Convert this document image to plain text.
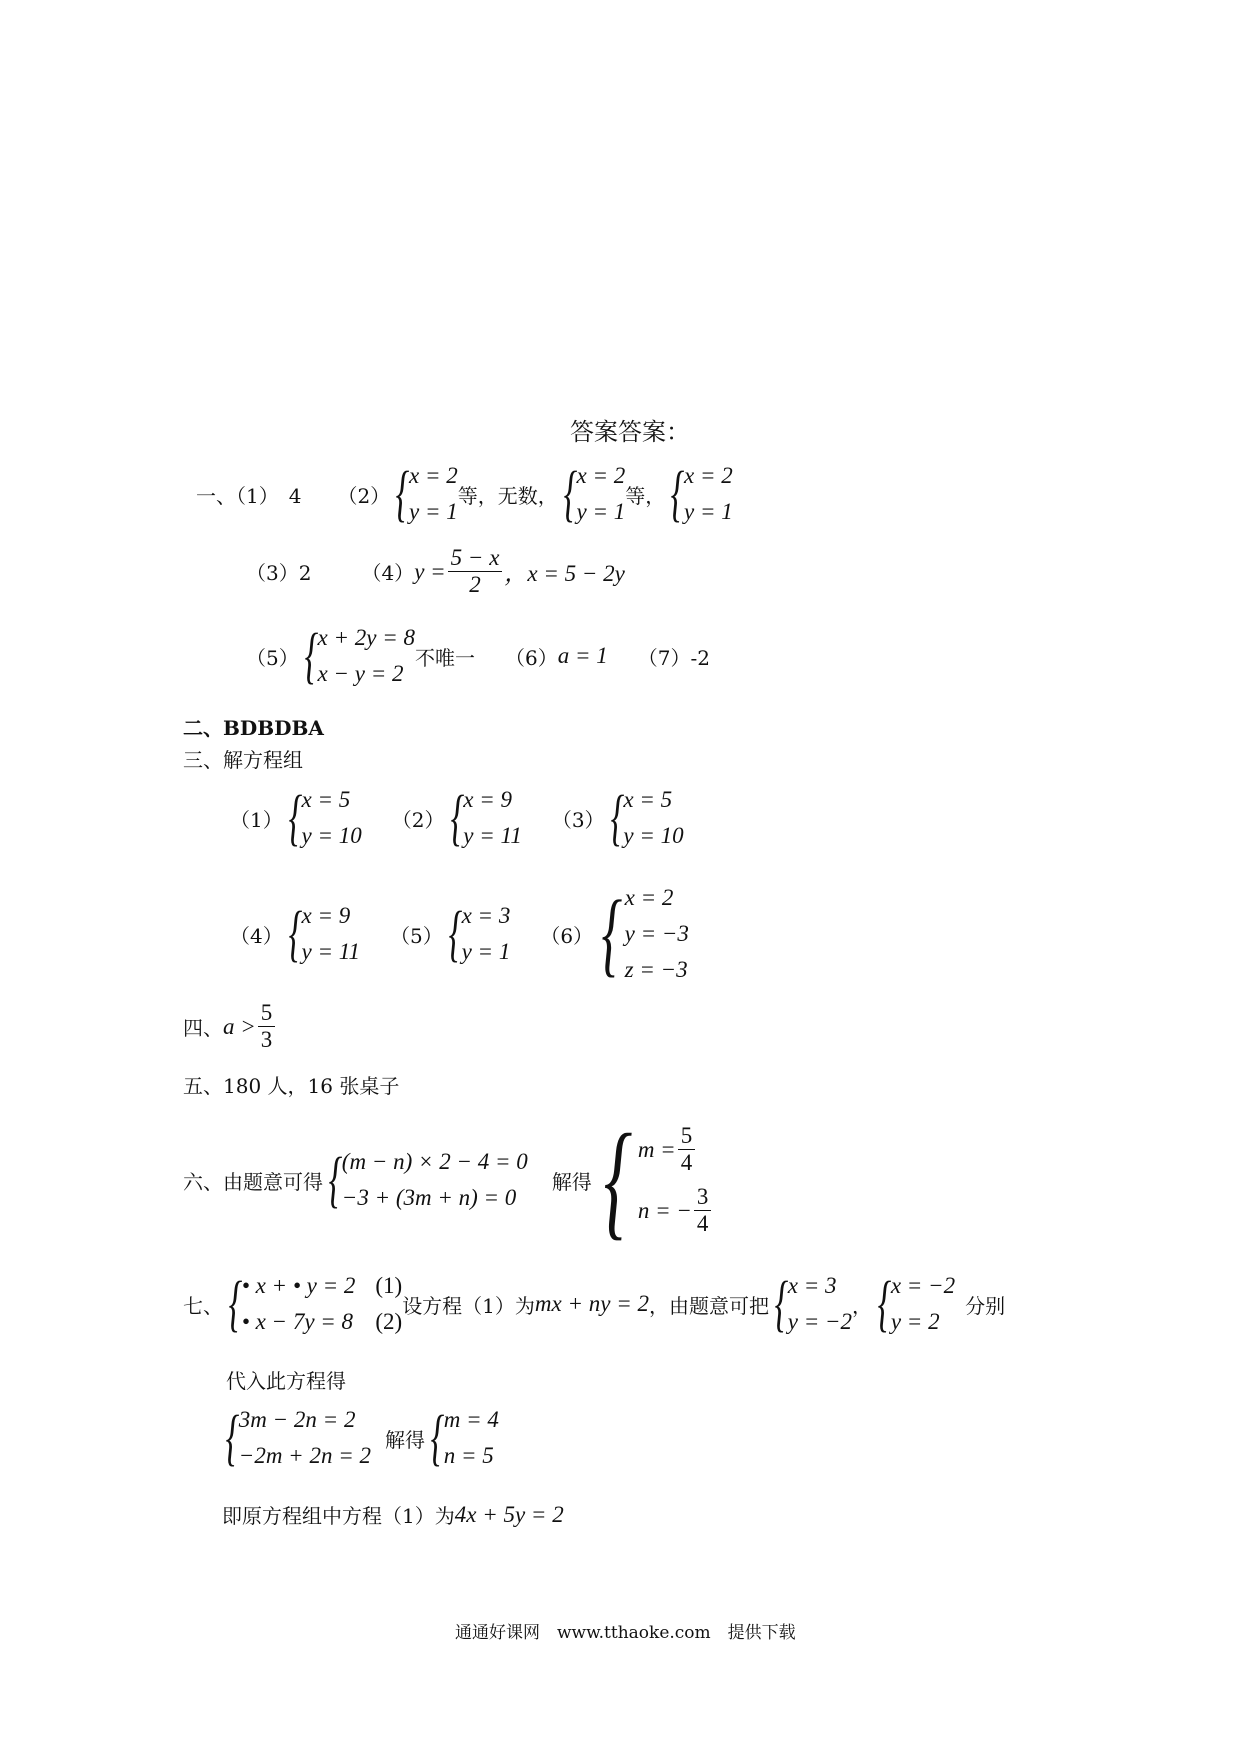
答案答案：
一、（1）　4 （2） { x = 2
y = 1
等，无数， { x = 2
y = 1
等， { x = 2
y = 1
（3）2	（4） $y = \frac{5 - x}{2}$ ，x = 5 − 2y
（5） { x + 2y = 8
x − y = 2
不唯一 （6） a = 1 （7）-2
二、BDBDBA
三、解方程组
（1） { x = 5
y = 10
（2） { x = 9
y = 11
（3） { x = 5
y = 10
（4） { x = 9
y = 11
（5） { x = 3
y = 1
（6） { x = 2
y = −3
z = −3
四、 $a > \frac{5}{3}$
五、180 人，16 张桌子
六、由题意可得 { (m − n) × 2 − 4 = 0
−3 + (3m + n) = 0
解得 { $m = \frac{5}{4}$
n = − $\frac{3}{4}$
七、 { • x + • y = 2
• x − 7y = 8
(1)
(2)
设方程（1）为 mx + ny = 2 ，由题意可把 { x = 3
y = −2
， { x = −2
y = 2
分别
代入此方程得
{ 3m − 2n = 2
−2m + 2n = 2
解得 { m = 4
n = 5
即原方程组中方程（1）为 4x + 5y = 2
通通好课网　www.tthaoke.com　提供下载
